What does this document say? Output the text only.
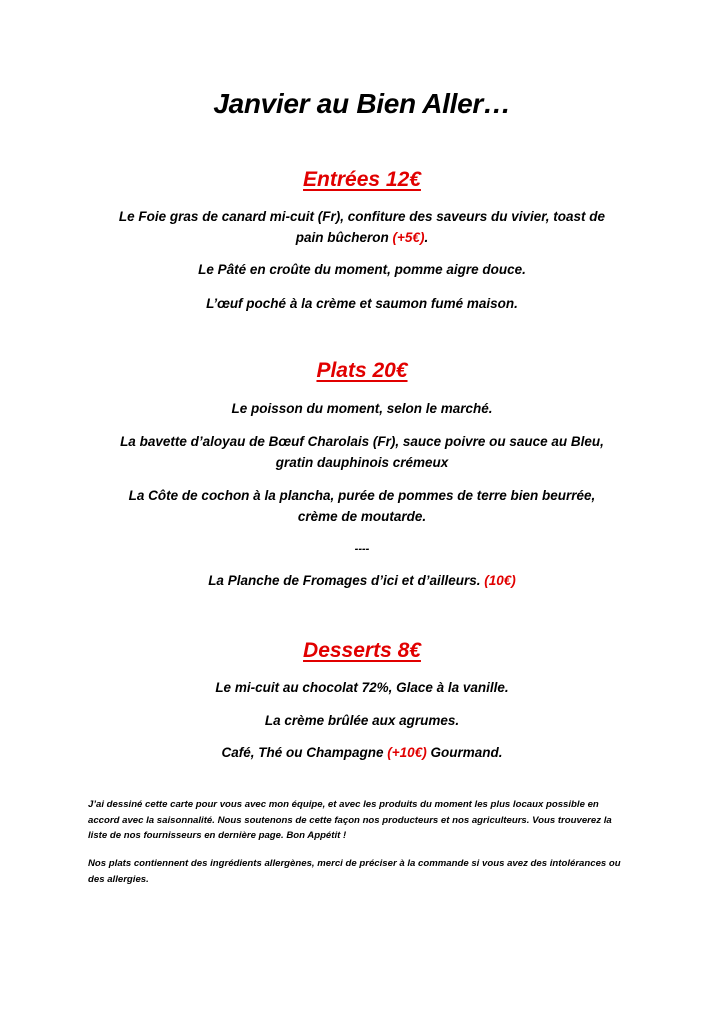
Janvier au Bien Aller…
Entrées 12€
Le Foie gras de canard mi-cuit (Fr), confiture des saveurs du vivier, toast de
pain bûcheron (+5€).
Le Pâté en croûte du moment, pomme aigre douce.
L’œuf poché à la crème et saumon fumé maison.
Plats 20€
Le poisson du moment, selon le marché.
La bavette d’aloyau de Bœuf Charolais (Fr), sauce poivre ou sauce au Bleu,
gratin dauphinois crémeux
La Côte de cochon à la plancha, purée de pommes de terre bien beurrée,
crème de moutarde.
----
La Planche de Fromages d’ici et d’ailleurs. (10€)
Desserts 8€
Le mi-cuit au chocolat 72%, Glace à la vanille.
La crème brûlée aux agrumes.
Café, Thé ou Champagne (+10€) Gourmand.
J’ai dessiné cette carte pour vous avec mon équipe, et avec les produits du moment les plus locaux possible en accord avec la saisonnalité. Nous soutenons de cette façon nos producteurs et nos agriculteurs. Vous trouverez la liste de nos fournisseurs en dernière page. Bon Appétit !
Nos plats contiennent des ingrédients allergènes, merci de préciser à la commande si vous avez des intolérances ou des allergies.
